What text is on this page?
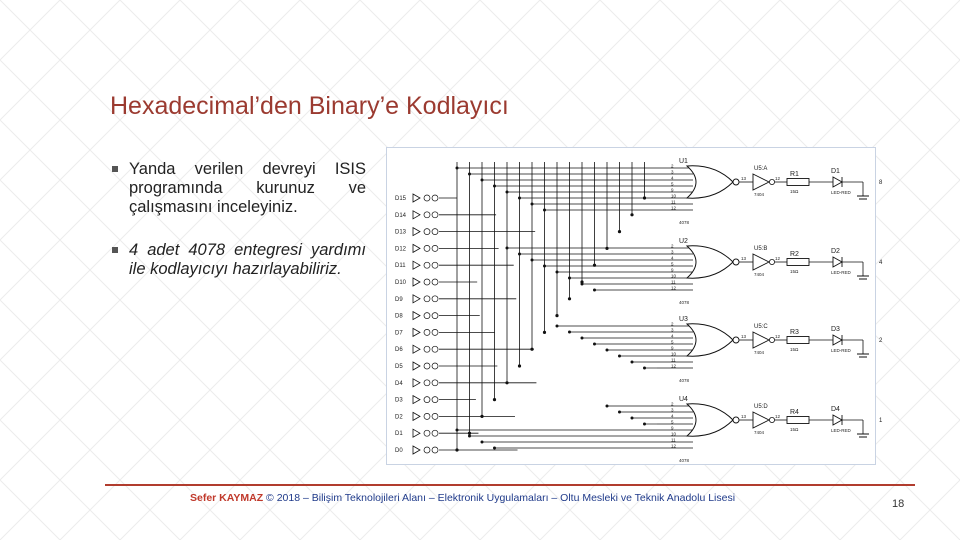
Hexadecimal’den Binary’e Kodlayıcı
Yanda verilen devreyi ISIS programında kurunuz ve çalışmasını inceleyiniz.
4 adet 4078 entegresi yardımı ile kodlayıcıyı hazırlayabiliriz.
D15
D14
D13
D12
D11
D10
D9
D8
D7
D6
D5
D4
D3
D2
D1
D0
U1
2
3
4
5
9
10
11
12
4078
13
U5:A
7404
12
R1
15Ω
D1
LED-RED
8
U2
2
3
4
5
9
10
11
12
4078
13
U5:B
7404
12
R2
15Ω
D2
LED-RED
4
U3
2
3
4
5
9
10
11
12
4078
13
U5:C
7404
12
R3
15Ω
D3
LED-RED
2
U4
2
3
4
5
9
10
11
12
4078
13
U5:D
7404
12
R4
15Ω
D4
LED-RED
1
Sefer KAYMAZ © 2018 – Bilişim Teknolojileri Alanı – Elektronik Uygulamaları – Oltu Mesleki ve Teknik Anadolu Lisesi	18
